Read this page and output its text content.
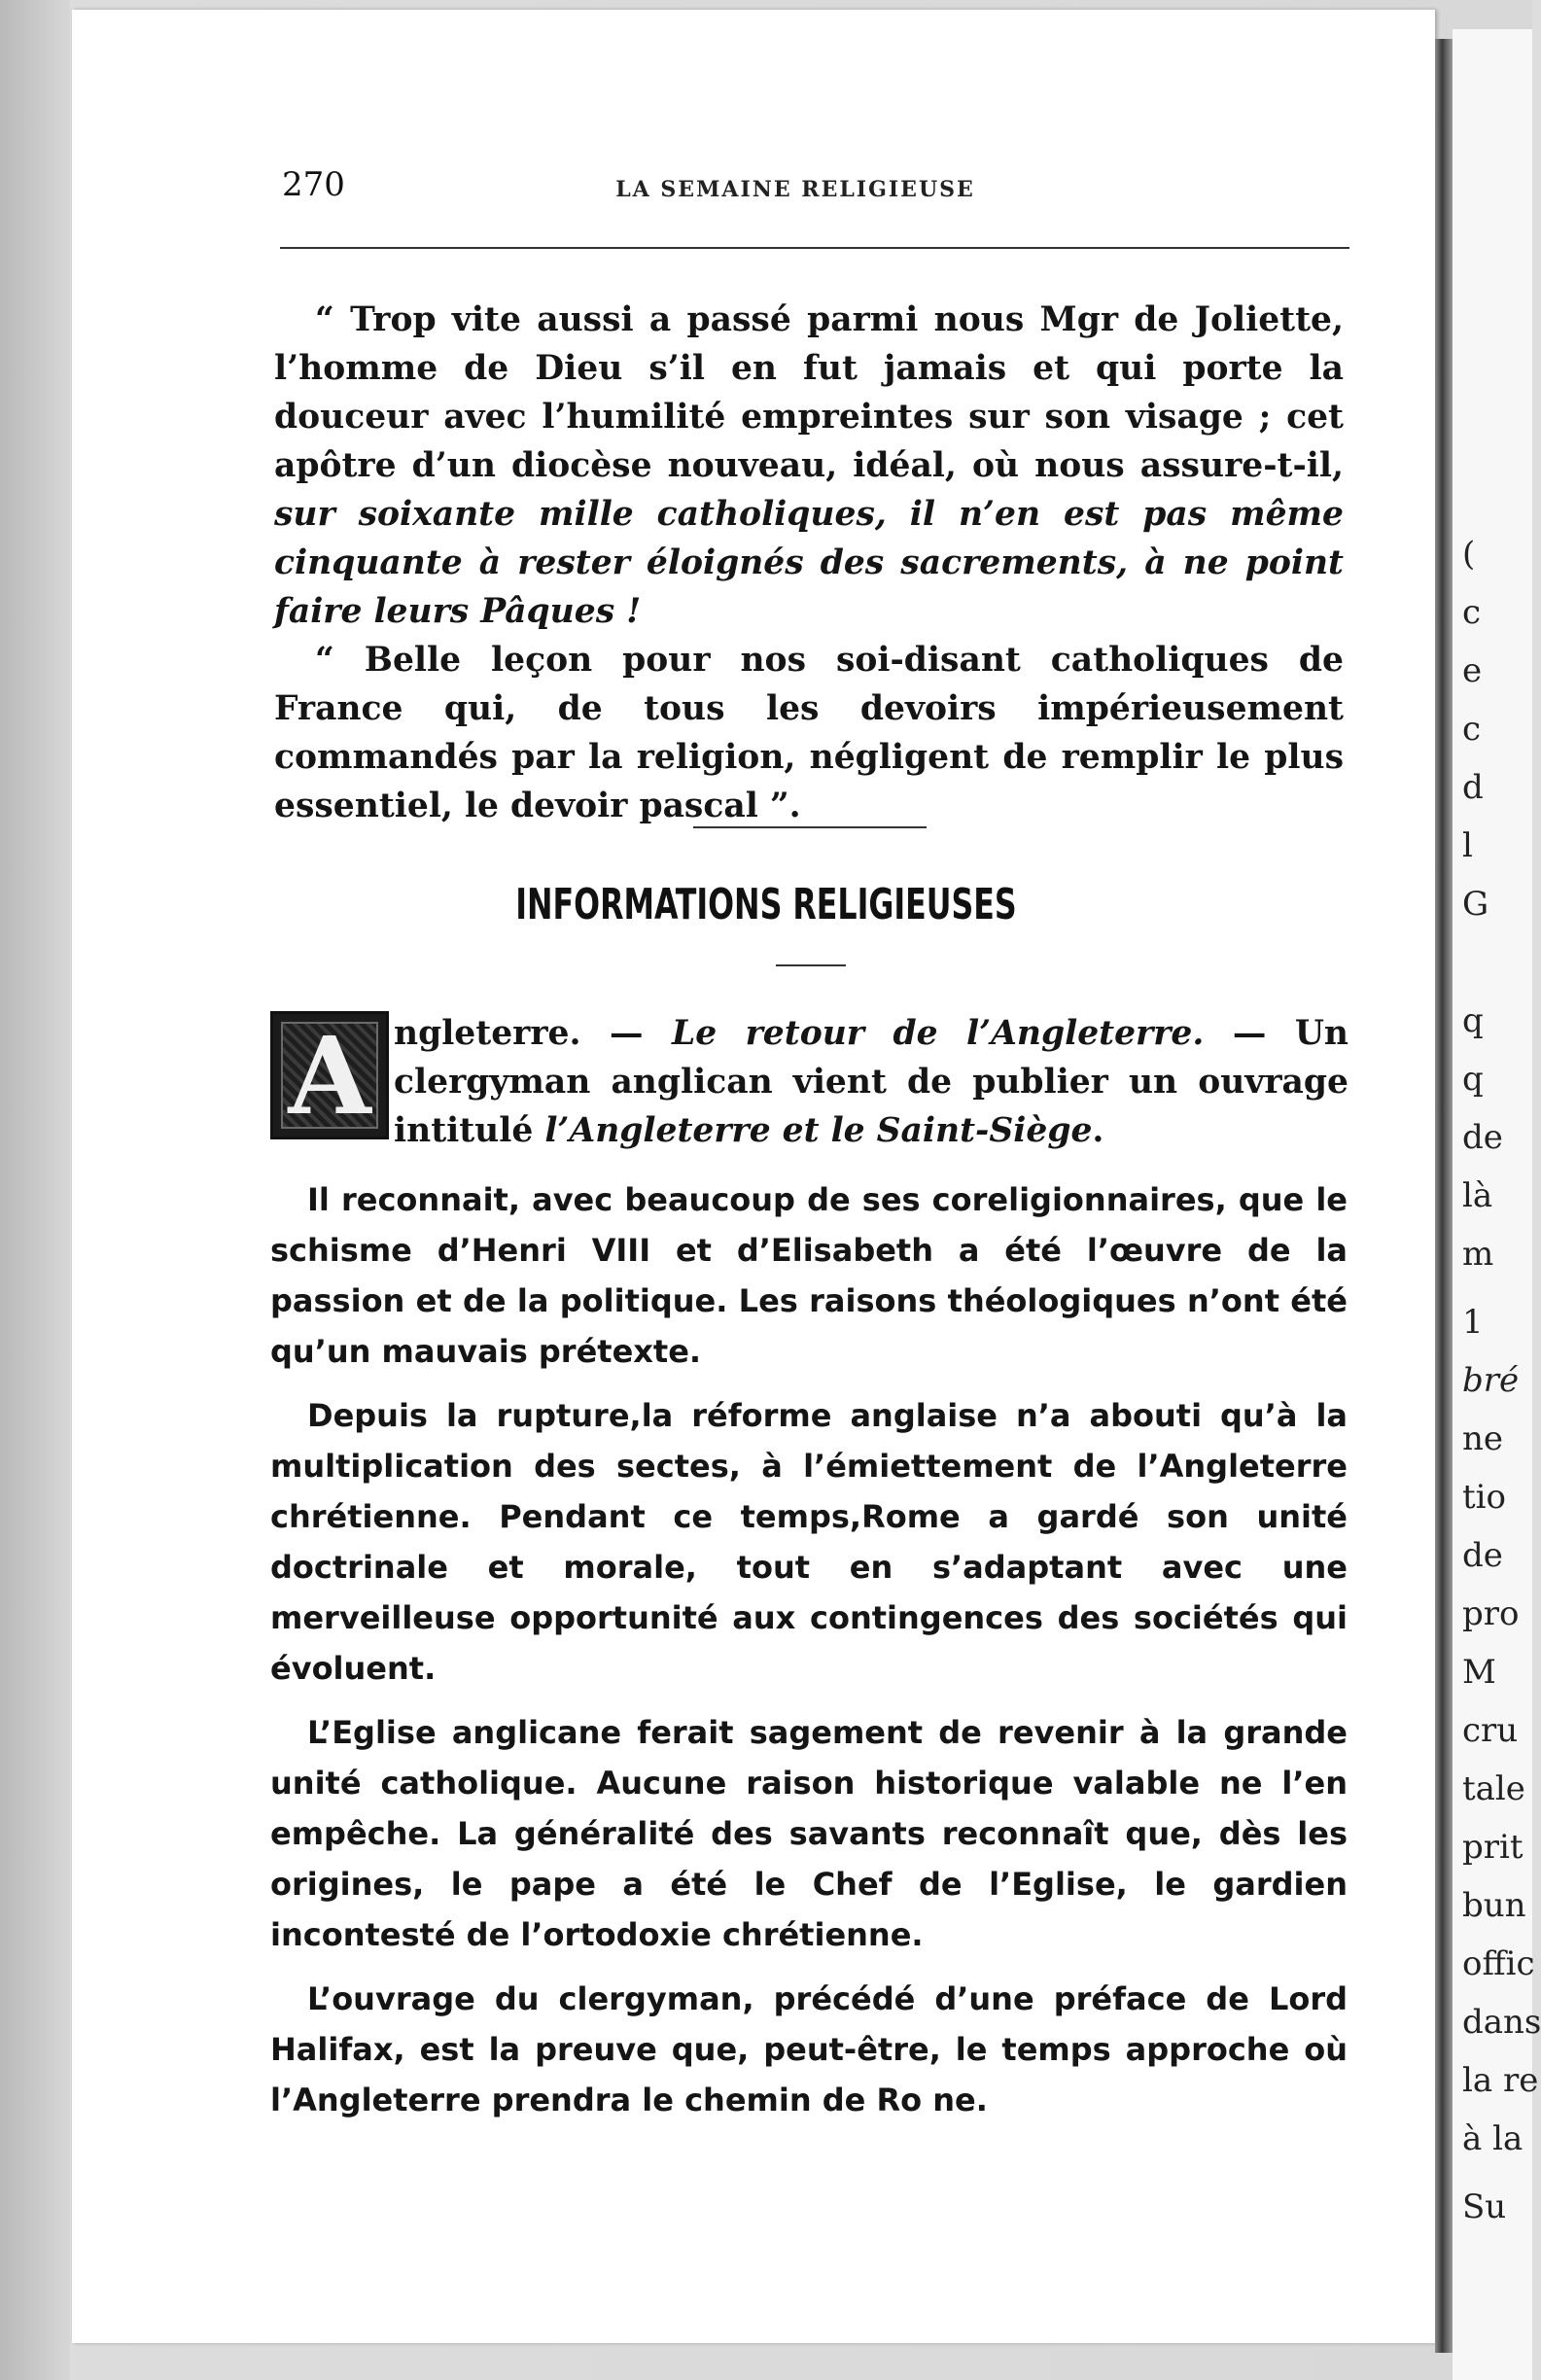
(
c
e
c
d
l
G
q
q
de
là
m
1
bré
ne
tio
de
pro
M
cru
tale
prit
bun
offic
dans
la re
à la
Su
270	LA SEMAINE RELIGIEUSE

“ Trop vite aussi a passé parmi nous Mgr de Joliette, l’homme de Dieu s’il en fut jamais et qui porte la douceur avec l’humilité empreintes sur son visage ; cet apôtre d’un diocèse nouveau, idéal, où nous assure-t-il, sur soixante mille catholiques, il n’en est pas même cinquante à rester éloignés des sacrements, à ne point faire leurs Pâques !

“ Belle leçon pour nos soi-disant catholiques de France qui, de tous les devoirs impérieusement commandés par la religion, négligent de remplir le plus essentiel, le devoir pascal ”.

INFORMATIONS RELIGIEUSES
A ngleterre. — Le retour de l’Angleterre. — Un clergyman anglican vient de publier un ouvrage intitulé l’Angleterre et le Saint-Siège.

Il reconnait, avec beaucoup de ses coreligionnaires, que le schisme d’Henri VIII et d’Elisabeth a été l’œuvre de la passion et de la politique. Les raisons théologiques n’ont été qu’un mauvais prétexte.

Depuis la rupture,la réforme anglaise n’a abouti qu’à la multiplication des sectes, à l’émiettement de l’Angleterre chrétienne. Pendant ce temps,Rome a gardé son unité doctrinale et morale, tout en s’adaptant avec une merveilleuse opportunité aux contingences des sociétés qui évoluent.

L’Eglise anglicane ferait sagement de revenir à la grande unité catholique. Aucune raison historique valable ne l’en empêche. La généralité des savants reconnaît que, dès les origines, le pape a été le Chef de l’Eglise, le gardien incontesté de l’ortodoxie chrétienne.

L’ouvrage du clergyman, précédé d’une préface de Lord Halifax, est la preuve que, peut-être, le temps approche où l’Angleterre prendra le chemin de Ro ne.
